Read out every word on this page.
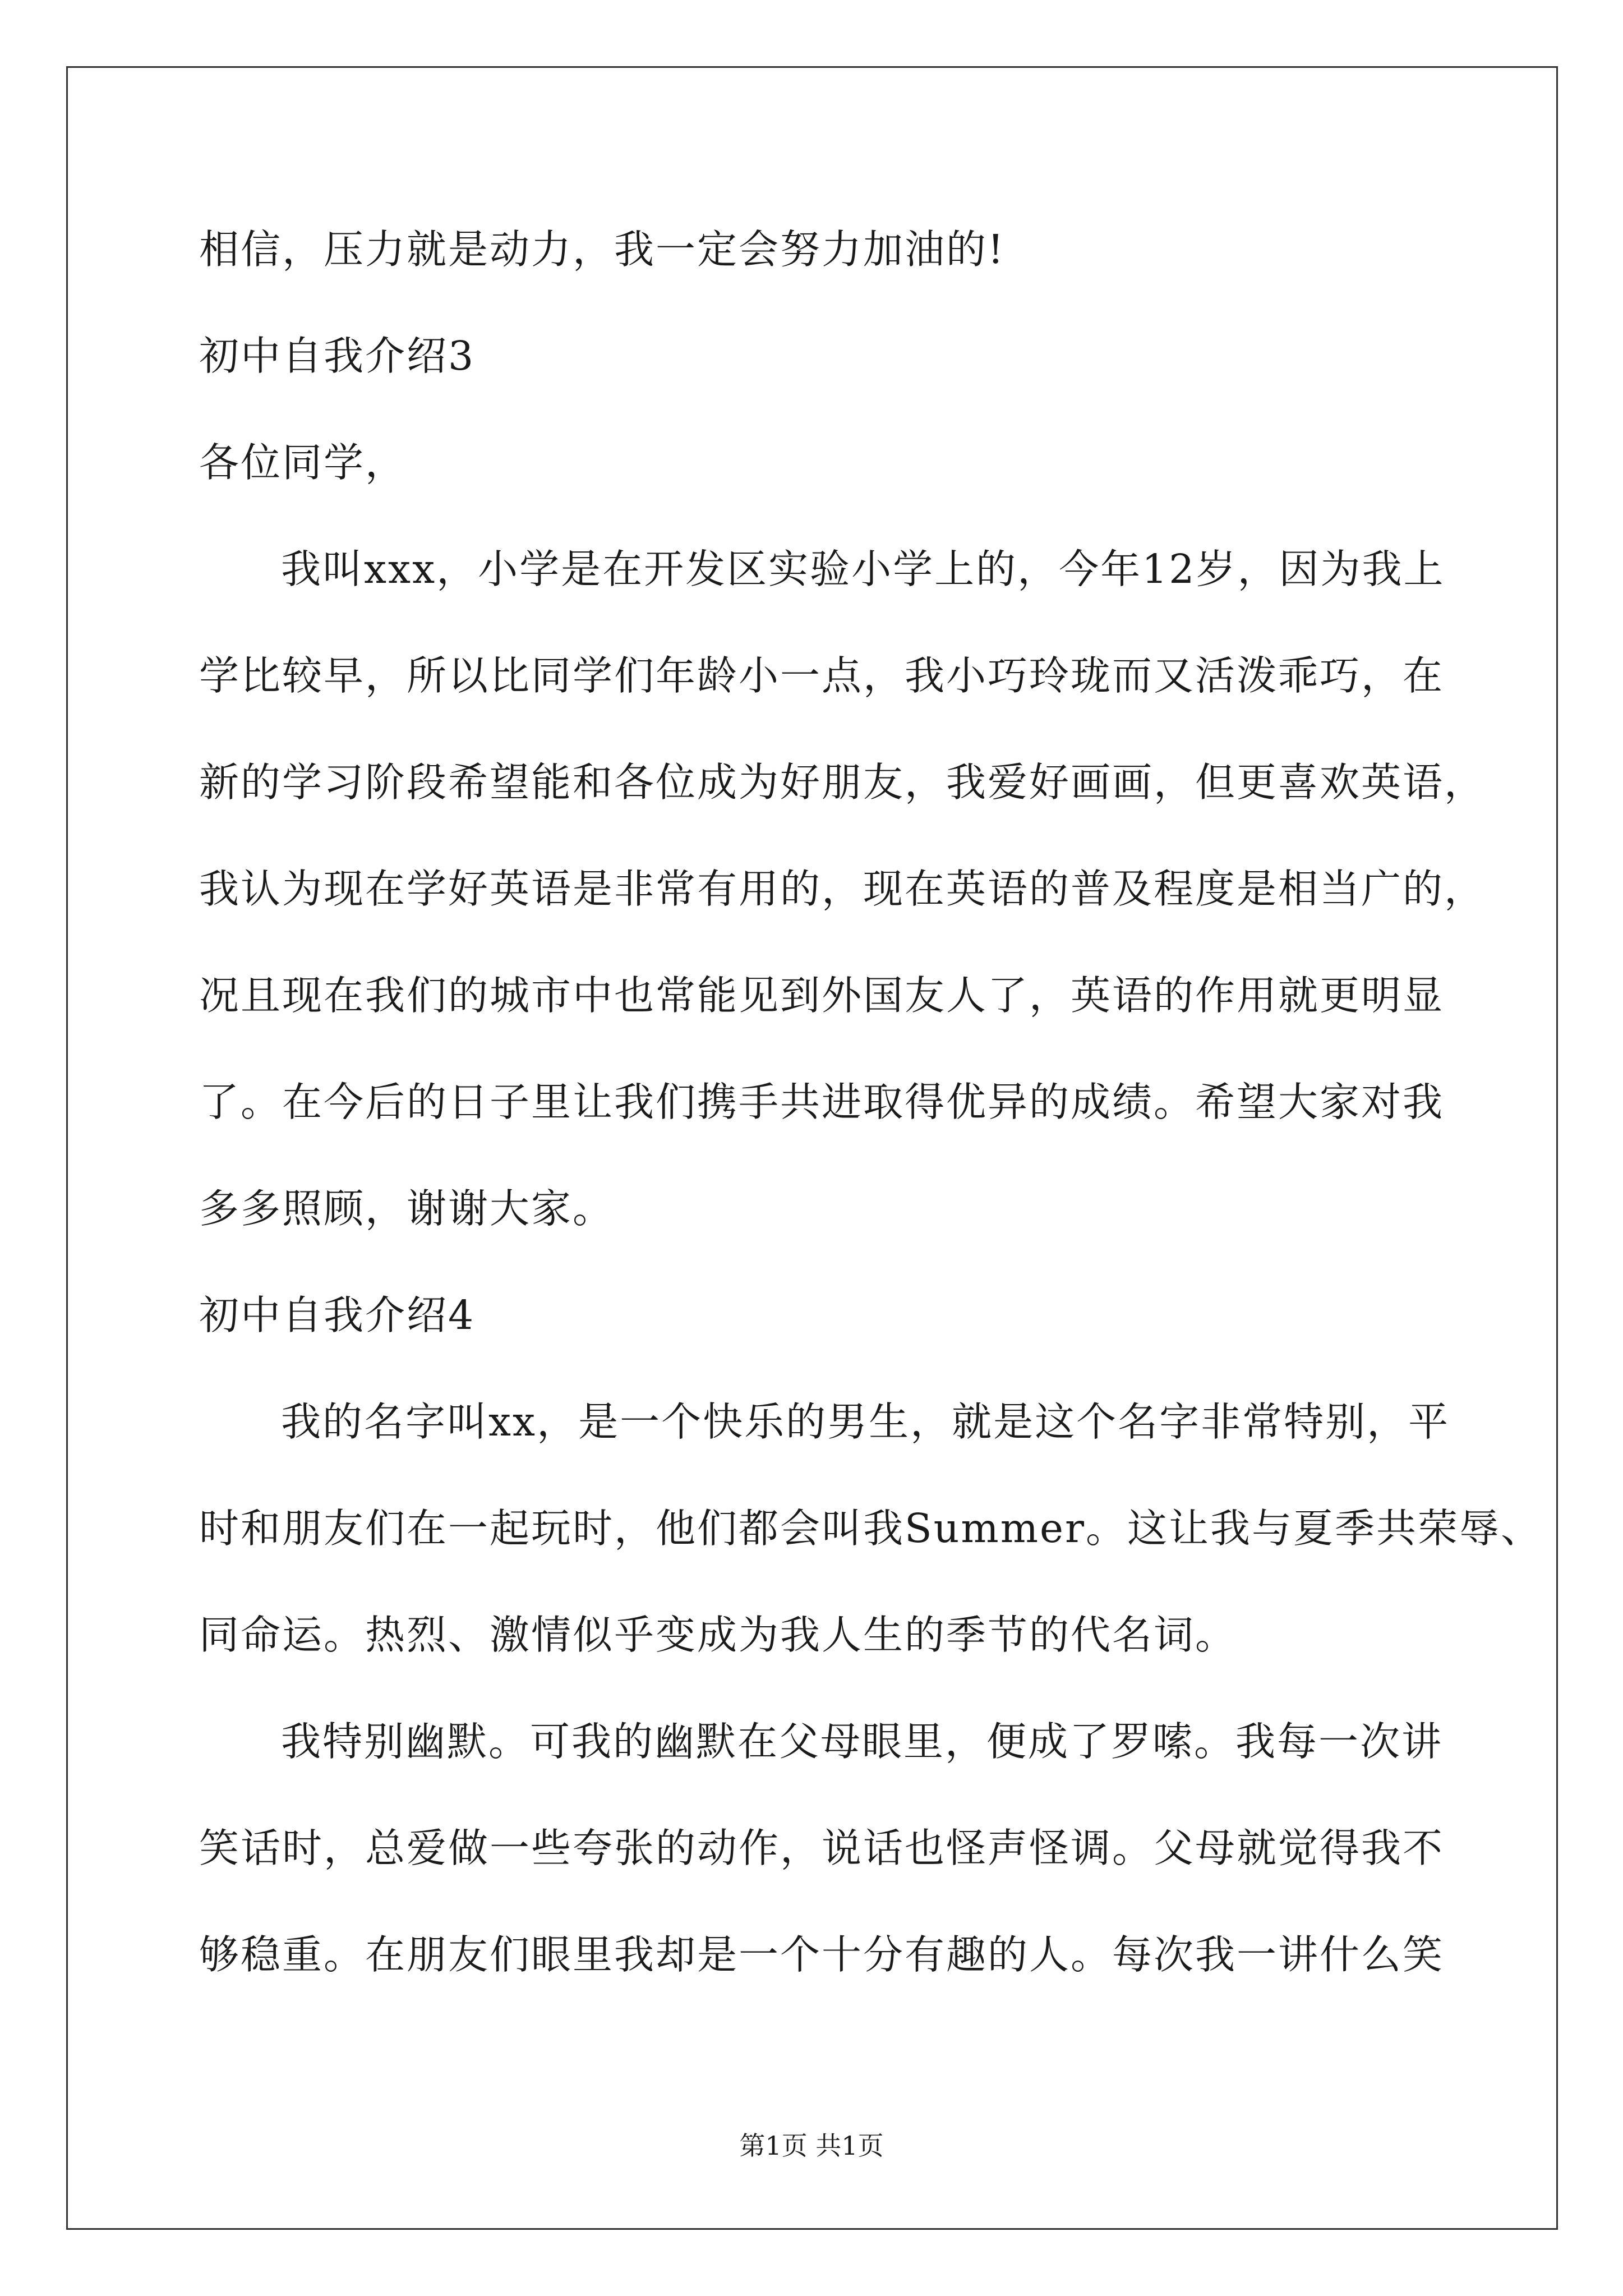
相信，压力就是动力，我一定会努力加油的!
初中自我介绍3
各位同学，
我叫xxx，小学是在开发区实验小学上的，今年12岁，因为我上
学比较早，所以比同学们年龄小一点，我小巧玲珑而又活泼乖巧，在
新的学习阶段希望能和各位成为好朋友，我爱好画画，但更喜欢英语，
我认为现在学好英语是非常有用的，现在英语的普及程度是相当广的，
况且现在我们的城市中也常能见到外国友人了，英语的作用就更明显
了。在今后的日子里让我们携手共进取得优异的成绩。希望大家对我
多多照顾，谢谢大家。
初中自我介绍4
我的名字叫xx，是一个快乐的男生，就是这个名字非常特别，平
时和朋友们在一起玩时，他们都会叫我Summer。这让我与夏季共荣辱、
同命运。热烈、激情似乎变成为我人生的季节的代名词。
我特别幽默。可我的幽默在父母眼里，便成了罗嗦。我每一次讲
笑话时，总爱做一些夸张的动作，说话也怪声怪调。父母就觉得我不
够稳重。在朋友们眼里我却是一个十分有趣的人。每次我一讲什么笑
第1页 共1页
